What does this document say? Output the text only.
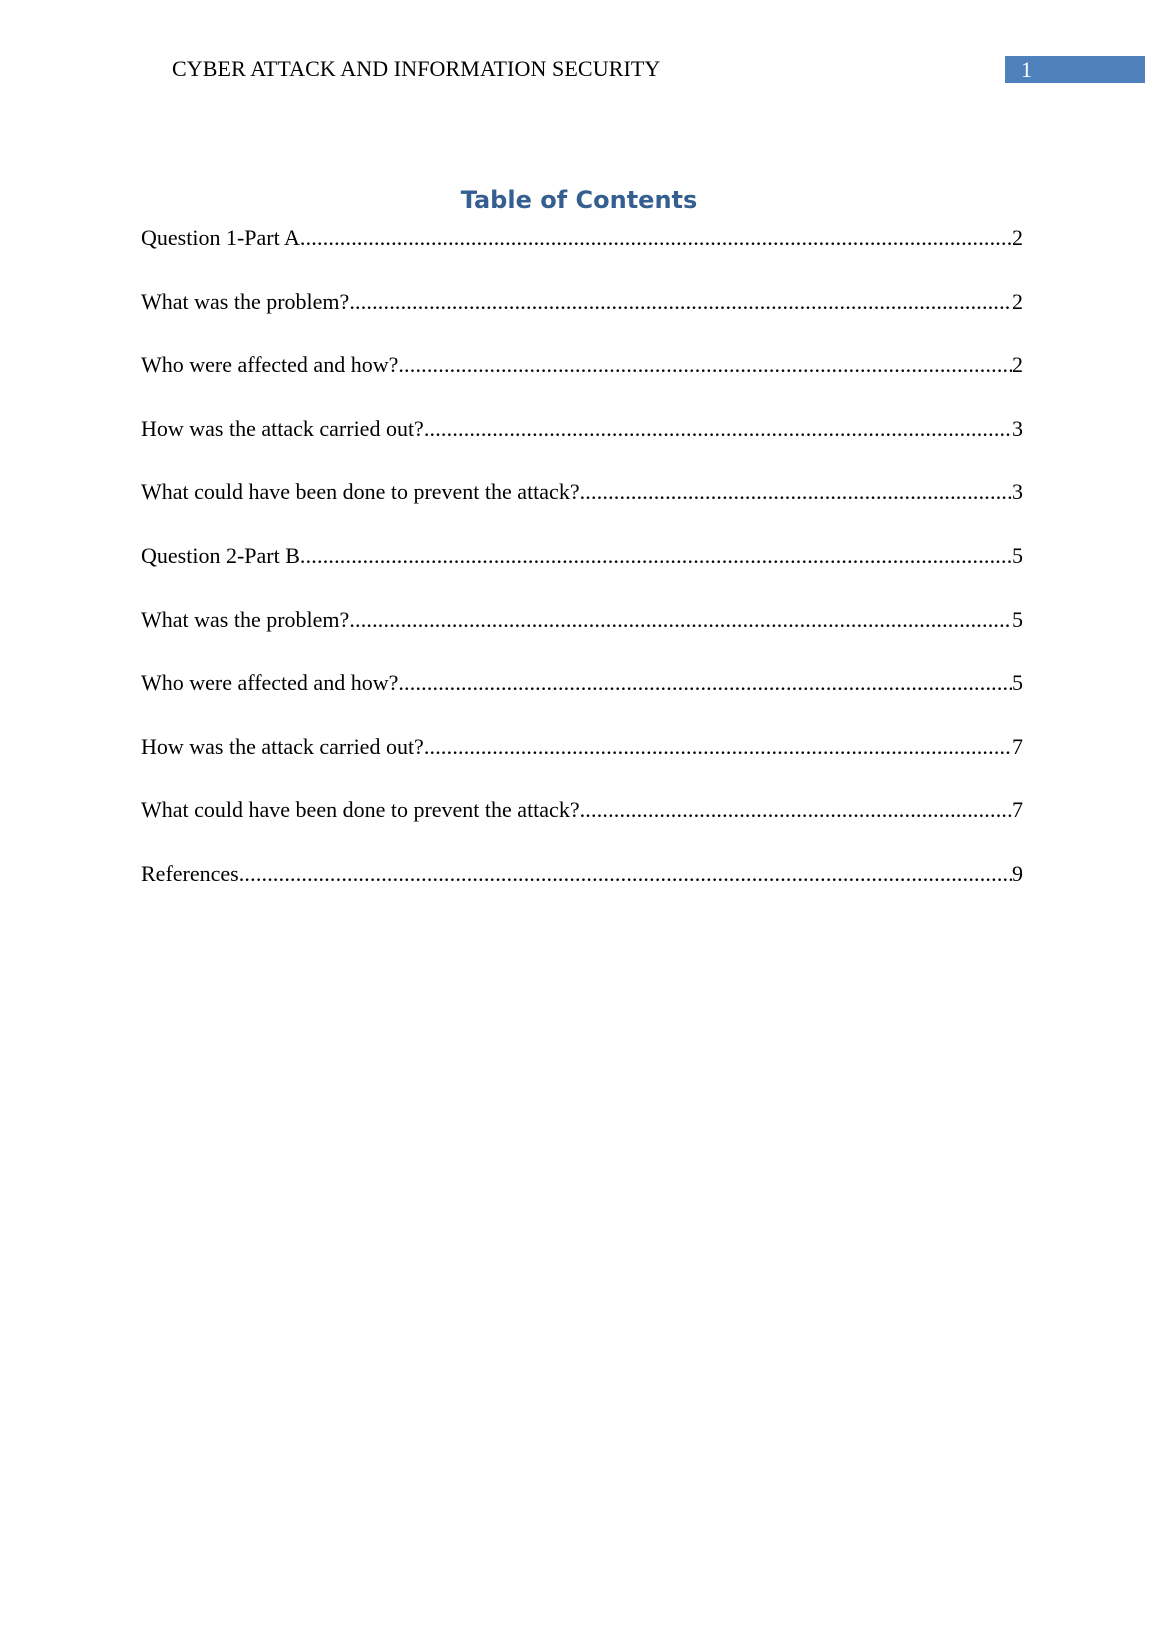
CYBER ATTACK AND INFORMATION SECURITY	1
Table of Contents
Question 1-Part A .....	2
What was the problem? .....	2
Who were affected and how? .....	2
How was the attack carried out? .....	3
What could have been done to prevent the attack? .....	3
Question 2-Part B .....	5
What was the problem? .....	5
Who were affected and how? .....	5
How was the attack carried out? .....	7
What could have been done to prevent the attack? .....	7
References .....	9
